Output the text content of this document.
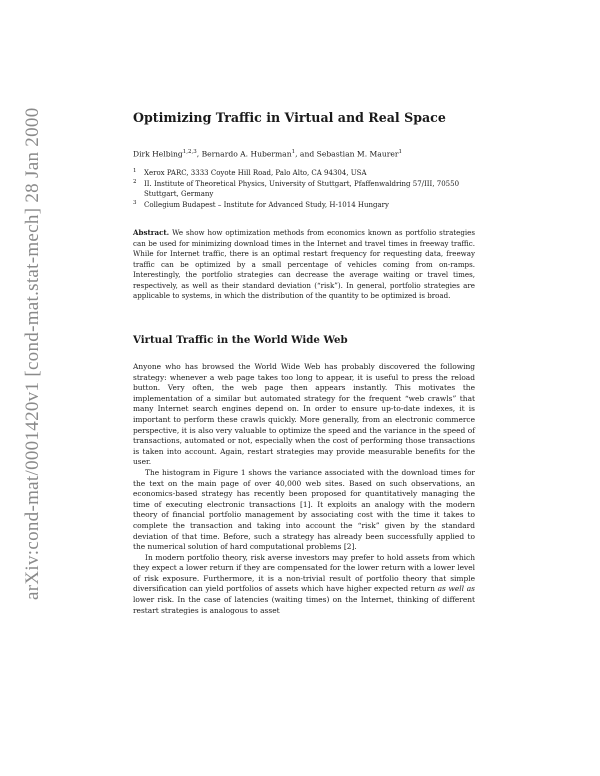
arXiv:cond-mat/0001420v1 [cond-mat.stat-mech] 28 Jan 2000	Optimizing Traffic in Virtual and Real Space
Dirk Helbing$^{1,2,3}$, Bernardo A. Huberman$^1$, and Sebastian M. Maurer$^1$
1 Xerox PARC, 3333 Coyote Hill Road, Palo Alto, CA 94304, USA
2 II. Institute of Theoretical Physics, University of Stuttgart, Pfaffenwaldring 57/III, 70550 Stuttgart, Germany
3 Collegium Budapest – Institute for Advanced Study, H-1014 Hungary
Abstract. We show how optimization methods from economics known as portfolio strategies can be used for minimizing download times in the Internet and travel times in freeway traffic. While for Internet traffic, there is an optimal restart frequency for requesting data, freeway traffic can be optimized by a small percentage of vehicles coming from on-ramps. Interestingly, the portfolio strategies can decrease the average waiting or travel times, respectively, as well as their standard deviation (“risk”). In general, portfolio strategies are applicable to systems, in which the distribution of the quantity to be optimized is broad.
Virtual Traffic in the World Wide Web

Anyone who has browsed the World Wide Web has probably discovered the following strategy: whenever a web page takes too long to appear, it is useful to press the reload button. Very often, the web page then appears instantly. This motivates the implementation of a similar but automated strategy for the frequent “web crawls” that many Internet search engines depend on. In order to ensure up-to-date indexes, it is important to perform these crawls quickly. More generally, from an electronic commerce perspective, it is also very valuable to optimize the speed and the variance in the speed of transactions, automated or not, especially when the cost of performing those transactions is taken into account. Again, restart strategies may provide measurable benefits for the user.

The histogram in Figure 1 shows the variance associated with the download times for the text on the main page of over 40,000 web sites. Based on such observations, an economics-based strategy has recently been proposed for quantitatively managing the time of executing electronic transactions [1]. It exploits an analogy with the modern theory of financial portfolio management by associating cost with the time it takes to complete the transaction and taking into account the “risk” given by the standard deviation of that time. Before, such a strategy has already been successfully applied to the numerical solution of hard computational problems [2].

In modern portfolio theory, risk averse investors may prefer to hold assets from which they expect a lower return if they are compensated for the lower return with a lower level of risk exposure. Furthermore, it is a non-trivial result of portfolio theory that simple diversification can yield portfolios of assets which have higher expected return as well as lower risk. In the case of latencies (waiting times) on the Internet, thinking of different restart strategies is analogous to asset
